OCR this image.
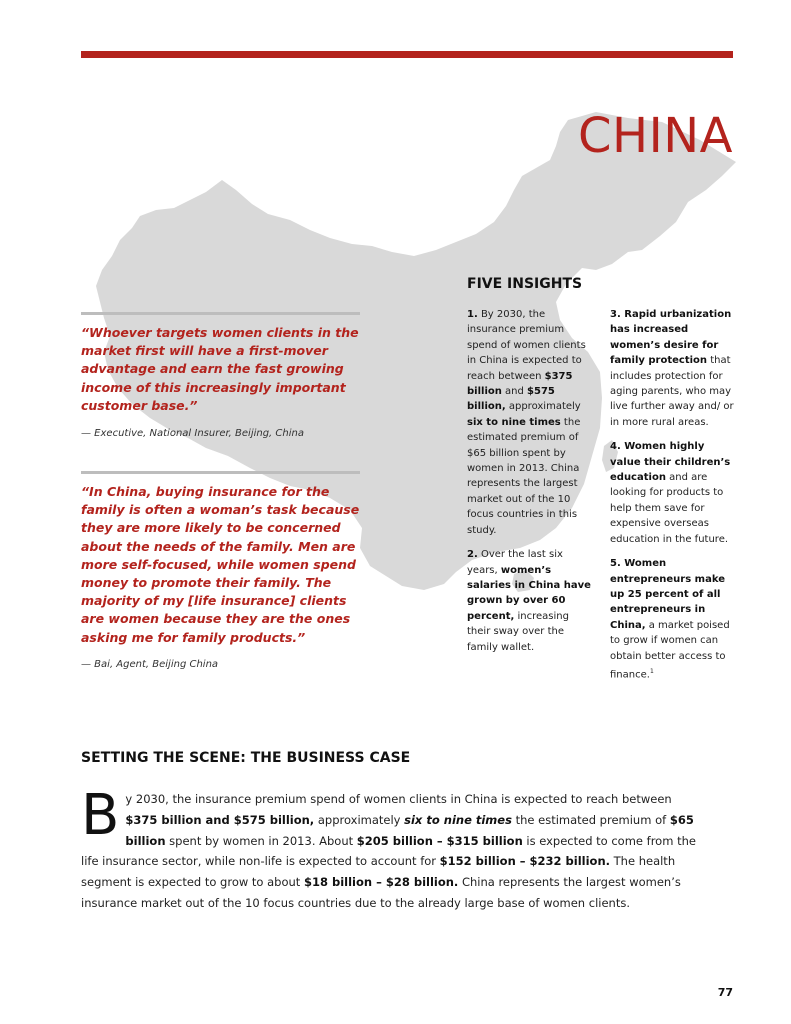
CHINA

“Whoever targets women clients in the market first will have a first-mover advantage and earn the fast growing income of this increasingly important customer base.”

— Executive, National Insurer, Beijing, China

“In China, buying insurance for the family is often a woman’s task because they are more likely to be concerned about the needs of the family. Men are more self-focused, while women spend money to promote their family. The majority of my [life insurance] clients are women because they are the ones asking me for family products.”

— Bai, Agent, Beijing China

FIVE INSIGHTS

1. By 2030, the insurance premium spend of women clients in China is expected to reach between $375 billion and $575 billion, approximately six to nine times the estimated premium of $65 billion spent by women in 2013. China represents the largest market out of the 10 focus countries in this study.

2. Over the last six years, women’s salaries in China have grown by over 60 percent, increasing their sway over the family wallet.

3. Rapid urbanization has increased women’s desire for family protection that includes protection for aging parents, who may live further away and/ or in more rural areas.

4. Women highly value their children’s education and are looking for products to help them save for expensive overseas education in the future.

5. Women entrepreneurs make up 25 percent of all entrepreneurs in China, a market poised to grow if women can obtain better access to finance.$^1$

SETTING THE SCENE: THE BUSINESS CASE

By 2030, the insurance premium spend of women clients in China is expected to reach between $375 billion and $575 billion, approximately six to nine times the estimated premium of $65 billion spent by women in 2013. About $205 billion – $315 billion is expected to come from the life insurance sector, while non-life is expected to account for $152 billion – $232 billion. The health segment is expected to grow to about $18 billion – $28 billion. China represents the largest women’s insurance market out of the 10 focus countries due to the already large base of women clients.

77
